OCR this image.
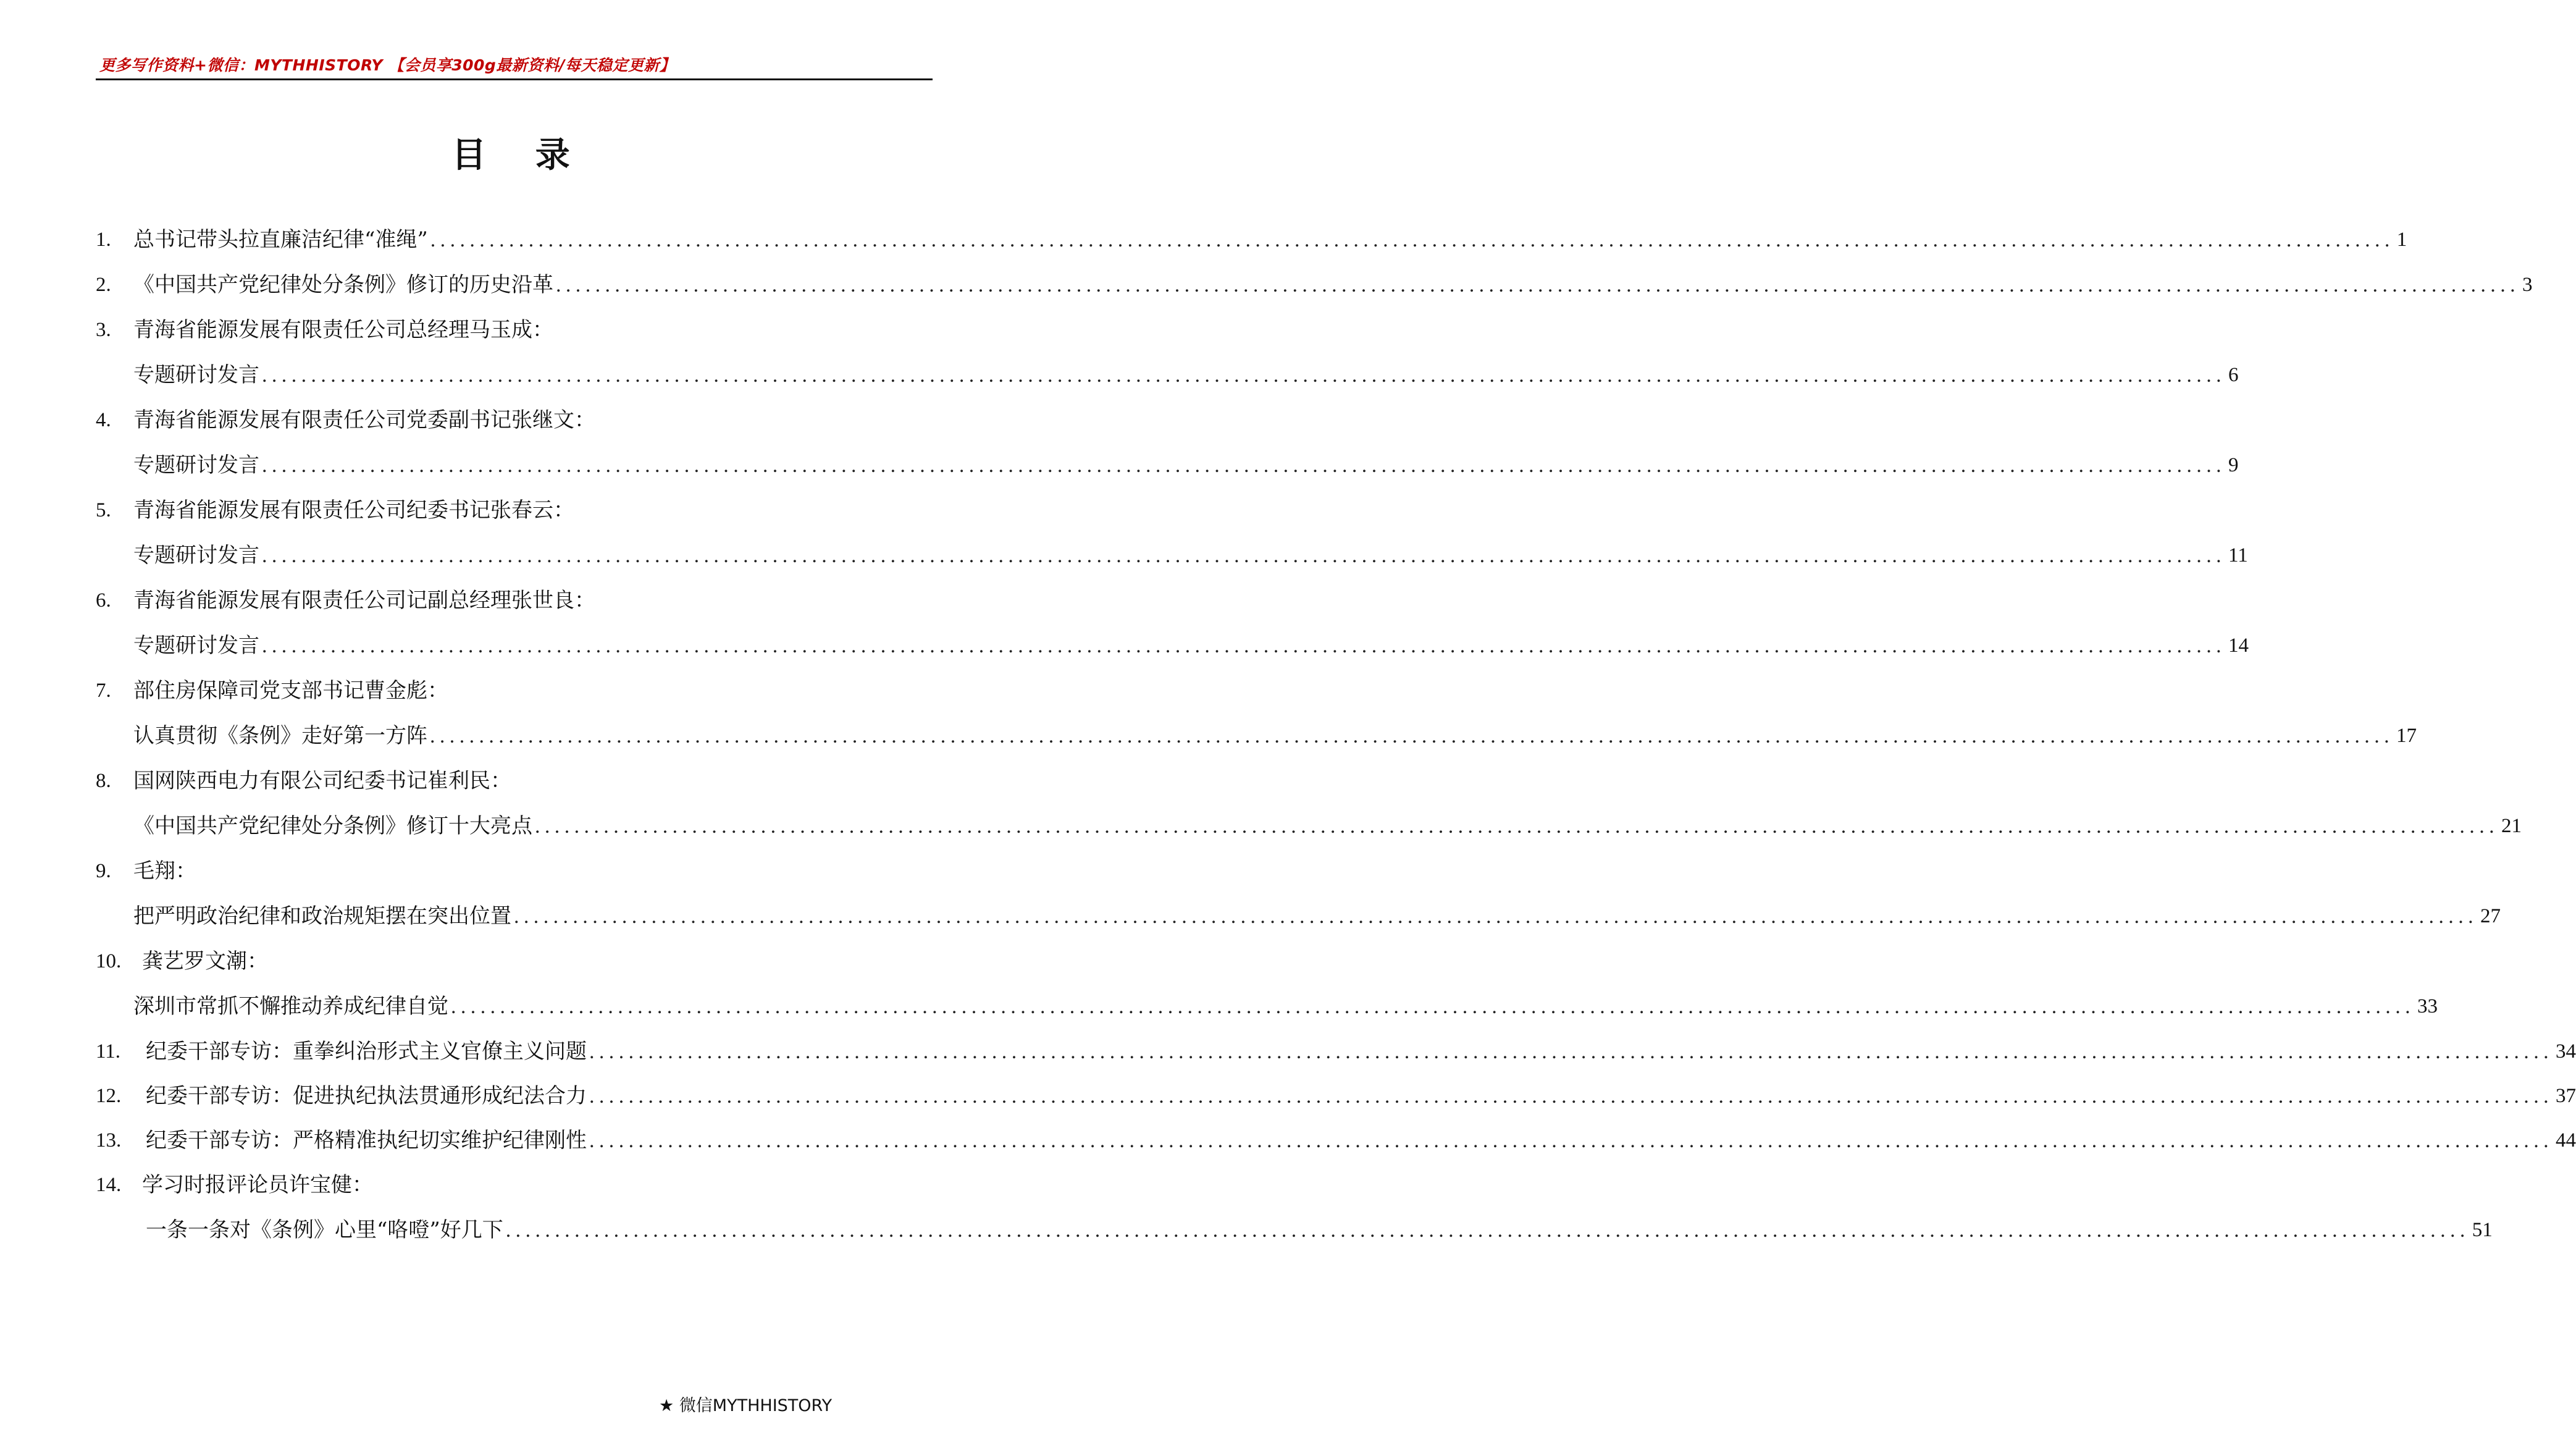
更多写作资料+微信：MYTHHISTORY 【会员享300g最新资料/每天稳定更新】
目 录
1.	总书记带头拉直廉洁纪律“准绳” ........................................................................................................................................................................................................ 1
2.	《中国共产党纪律处分条例》修订的历史沿革 ........................................................................................................................................................................................................ 3
3.	青海省能源发展有限责任公司总经理马玉成：
专题研讨发言 ........................................................................................................................................................................................................ 6
4.	青海省能源发展有限责任公司党委副书记张继文：
专题研讨发言 ........................................................................................................................................................................................................ 9
5.	青海省能源发展有限责任公司纪委书记张春云：
专题研讨发言 ........................................................................................................................................................................................................ 11
6.	青海省能源发展有限责任公司记副总经理张世良：
专题研讨发言 ........................................................................................................................................................................................................ 14
7.	部住房保障司党支部书记曹金彪：
认真贯彻《条例》走好第一方阵 ........................................................................................................................................................................................................ 17
8.	国网陕西电力有限公司纪委书记崔利民：
《中国共产党纪律处分条例》修订十大亮点 ........................................................................................................................................................................................................ 21
9.	毛翔：
把严明政治纪律和政治规矩摆在突出位置 ........................................................................................................................................................................................................ 27
10. 龚艺罗文潮：
深圳市常抓不懈推动养成纪律自觉 ........................................................................................................................................................................................................ 33
11.	纪委干部专访：重拳纠治形式主义官僚主义问题 ........................................................................................................................................................................................................ 34
12.	纪委干部专访：促进执纪执法贯通形成纪法合力 ........................................................................................................................................................................................................ 37
13.	纪委干部专访：严格精准执纪切实维护纪律刚性 ........................................................................................................................................................................................................ 44
14. 学习时报评论员许宝健：
一条一条对《条例》心里“咯噔”好几下 ........................................................................................................................................................................................................ 51
★ 微信MYTHHISTORY
